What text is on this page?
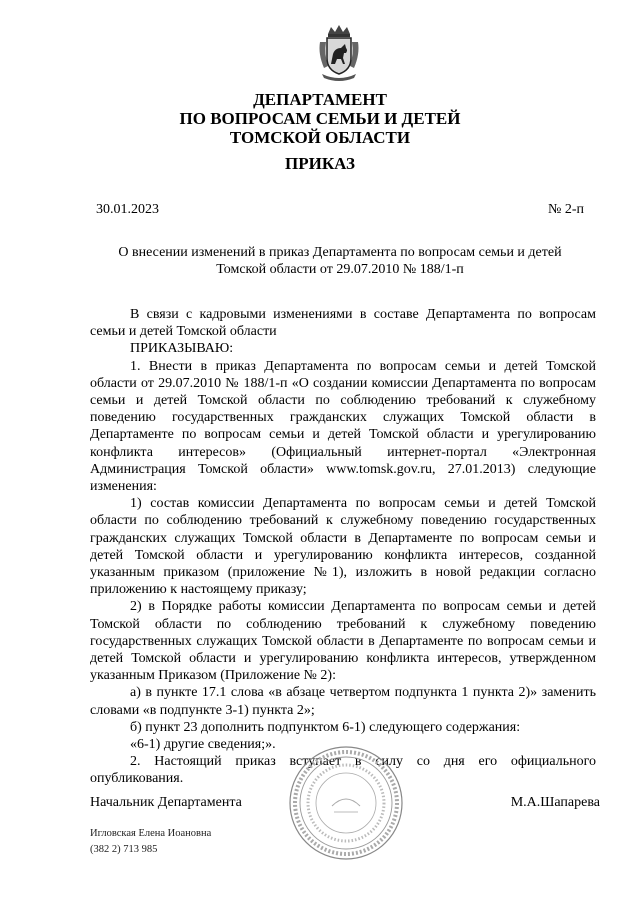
ДЕПАРТАМЕНТ
ПО ВОПРОСАМ СЕМЬИ И ДЕТЕЙ
ТОМСКОЙ ОБЛАСТИ
ПРИКАЗ
30.01.2023	№ 2-п
О внесении изменений в приказ Департамента по вопросам семьи и детей
Томской области от 29.07.2010 № 188/1-п

В связи с кадровыми изменениями в составе Департамента по вопросам семьи и детей Томской области

ПРИКАЗЫВАЮ:

1. Внести в приказ Департамента по вопросам семьи и детей Томской области от 29.07.2010 № 188/1-п «О создании комиссии Департамента по вопросам семьи и детей Томской области по соблюдению требований к служебному поведению государственных гражданских служащих Томской области в Департаменте по вопросам семьи и детей Томской области и урегулированию конфликта интересов» (Официальный интернет-портал «Электронная Администрация Томской области» www.tomsk.gov.ru, 27.01.2013) следующие изменения:

1) состав комиссии Департамента по вопросам семьи и детей Томской области по соблюдению требований к служебному поведению государственных гражданских служащих Томской области в Департаменте по вопросам семьи и детей Томской области и урегулированию конфликта интересов, созданной указанным приказом (приложение №1), изложить в новой редакции согласно приложению к настоящему приказу;

2) в Порядке работы комиссии Департамента по вопросам семьи и детей Томской области по соблюдению требований к служебному поведению государственных служащих Томской области в Департаменте по вопросам семьи и детей Томской области и урегулированию конфликта интересов, утвержденном указанным Приказом (Приложение № 2):

а) в пункте 17.1 слова «в абзаце четвертом подпункта 1 пункта 2)» заменить словами «в подпункте 3-1) пункта 2»;

б) пункт 23 дополнить подпунктом 6-1) следующего содержания:

«6-1) другие сведения;».

2. Настоящий приказ вступает в силу со дня его официального опубликования.

Начальник Департамента	М.А.Шапарева
Игловская Елена Иоановна
(382 2) 713 985
